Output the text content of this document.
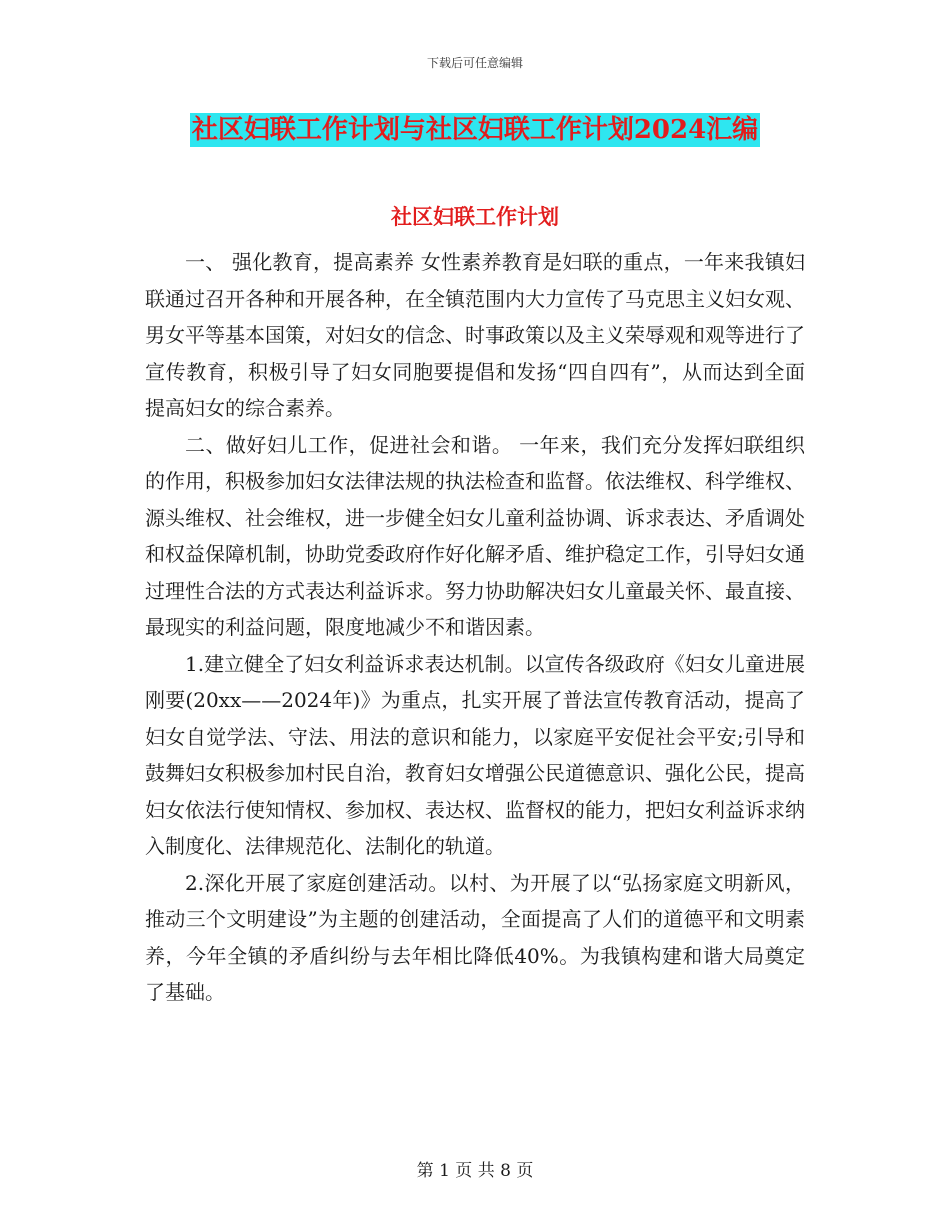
下载后可任意编辑
社区妇联工作计划与社区妇联工作计划2024汇编
社区妇联工作计划

一、 强化教育，提高素养 女性素养教育是妇联的重点，一年来我镇妇联通过召开各种和开展各种，在全镇范围内大力宣传了马克思主义妇女观、男女平等基本国策，对妇女的信念、时事政策以及主义荣辱观和观等进行了宣传教育，积极引导了妇女同胞要提倡和发扬“四自四有”，从而达到全面提高妇女的综合素养。

二、做好妇儿工作，促进社会和谐。 一年来，我们充分发挥妇联组织的作用，积极参加妇女法律法规的执法检查和监督。依法维权、科学维权、源头维权、社会维权，进一步健全妇女儿童利益协调、诉求表达、矛盾调处和权益保障机制，协助党委政府作好化解矛盾、维护稳定工作，引导妇女通过理性合法的方式表达利益诉求。努力协助解决妇女儿童最关怀、最直接、最现实的利益问题，限度地减少不和谐因素。

1.建立健全了妇女利益诉求表达机制。以宣传各级政府《妇女儿童进展刚要(20xx——2024年)》为重点，扎实开展了普法宣传教育活动，提高了妇女自觉学法、守法、用法的意识和能力，以家庭平安促社会平安;引导和鼓舞妇女积极参加村民自治，教育妇女增强公民道德意识、强化公民，提高妇女依法行使知情权、参加权、表达权、监督权的能力，把妇女利益诉求纳入制度化、法律规范化、法制化的轨道。

2.深化开展了家庭创建活动。以村、为开展了以“弘扬家庭文明新风，推动三个文明建设”为主题的创建活动，全面提高了人们的道德平和文明素养，今年全镇的矛盾纠纷与去年相比降低40%。为我镇构建和谐大局奠定了基础。

第 1 页 共 8 页
